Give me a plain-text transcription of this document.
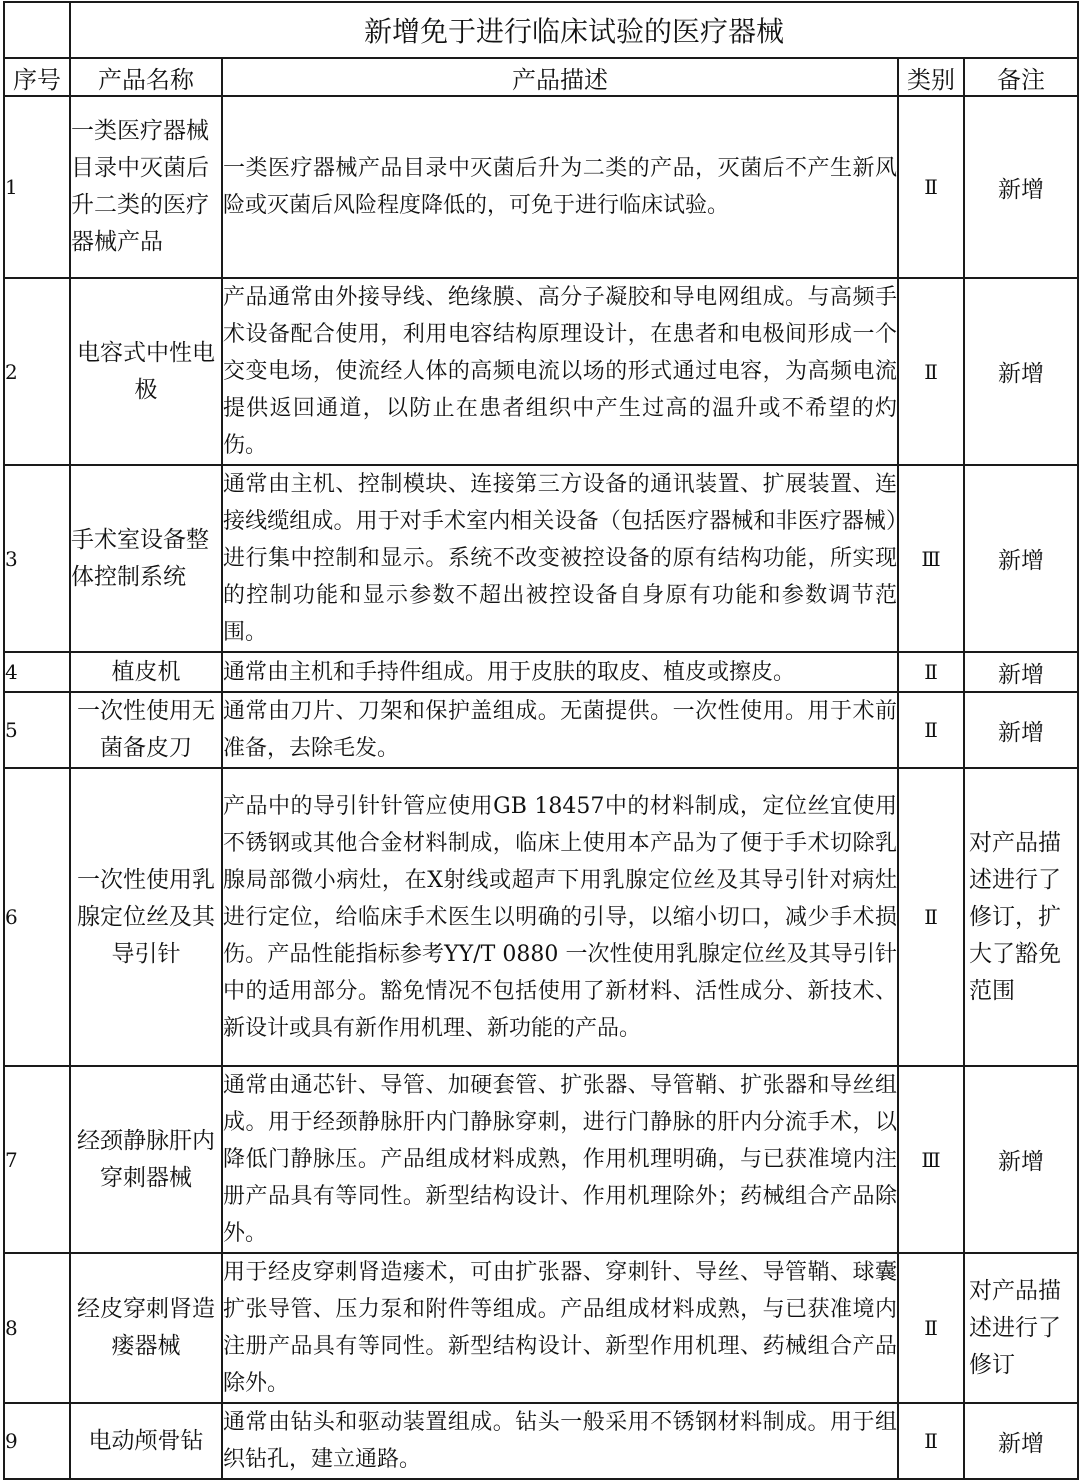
	新增免于进行临床试验的医疗器械			
序号	产品名称	产品描述	类别	备注
1	一类医疗器械目录中灭菌后升二类的医疗器械产品	一类医疗器械产品目录中灭菌后升为二类的产品，灭菌后不产生新风险或灭菌后风险程度降低的，可免于进行临床试验。	Ⅱ	新增
2	电容式中性电极	产品通常由外接导线、绝缘膜、高分子凝胶和导电网组成。与高频手术设备配合使用，利用电容结构原理设计，在患者和电极间形成一个交变电场，使流经人体的高频电流以场的形式通过电容，为高频电流提供返回通道，以防止在患者组织中产生过高的温升或不希望的灼伤。	Ⅱ	新增
3	手术室设备整体控制系统	通常由主机、控制模块、连接第三方设备的通讯装置、扩展装置、连接线缆组成。用于对手术室内相关设备（包括医疗器械和非医疗器械）进行集中控制和显示。系统不改变被控设备的原有结构功能，所实现的控制功能和显示参数不超出被控设备自身原有功能和参数调节范围。	Ⅲ	新增
4	植皮机	通常由主机和手持件组成。用于皮肤的取皮、植皮或擦皮。	Ⅱ	新增
5	一次性使用无菌备皮刀	通常由刀片、刀架和保护盖组成。无菌提供。一次性使用。用于术前准备，去除毛发。	Ⅱ	新增
6	一次性使用乳腺定位丝及其导引针	产品中的导引针针管应使用GB 18457中的材料制成，定位丝宜使用不锈钢或其他合金材料制成，临床上使用本产品为了便于手术切除乳腺局部微小病灶，在X射线或超声下用乳腺定位丝及其导引针对病灶进行定位，给临床手术医生以明确的引导，以缩小切口，减少手术损伤。产品性能指标参考YY/T 0880 一次性使用乳腺定位丝及其导引针中的适用部分。豁免情况不包括使用了新材料、活性成分、新技术、新设计或具有新作用机理、新功能的产品。	Ⅱ	对产品描述进行了修订，扩大了豁免范围
7	经颈静脉肝内穿刺器械	通常由通芯针、导管、加硬套管、扩张器、导管鞘、扩张器和导丝组成。用于经颈静脉肝内门静脉穿刺，进行门静脉的肝内分流手术，以降低门静脉压。产品组成材料成熟，作用机理明确，与已获准境内注册产品具有等同性。新型结构设计、作用机理除外；药械组合产品除外。	Ⅲ	新增
8	经皮穿刺肾造瘘器械	用于经皮穿刺肾造瘘术，可由扩张器、穿刺针、导丝、导管鞘、球囊扩张导管、压力泵和附件等组成。产品组成材料成熟，与已获准境内注册产品具有等同性。新型结构设计、新型作用机理、药械组合产品除外。	Ⅱ	对产品描述进行了修订
9	电动颅骨钻	通常由钻头和驱动装置组成。钻头一般采用不锈钢材料制成。用于组织钻孔，建立通路。	Ⅱ	新增
